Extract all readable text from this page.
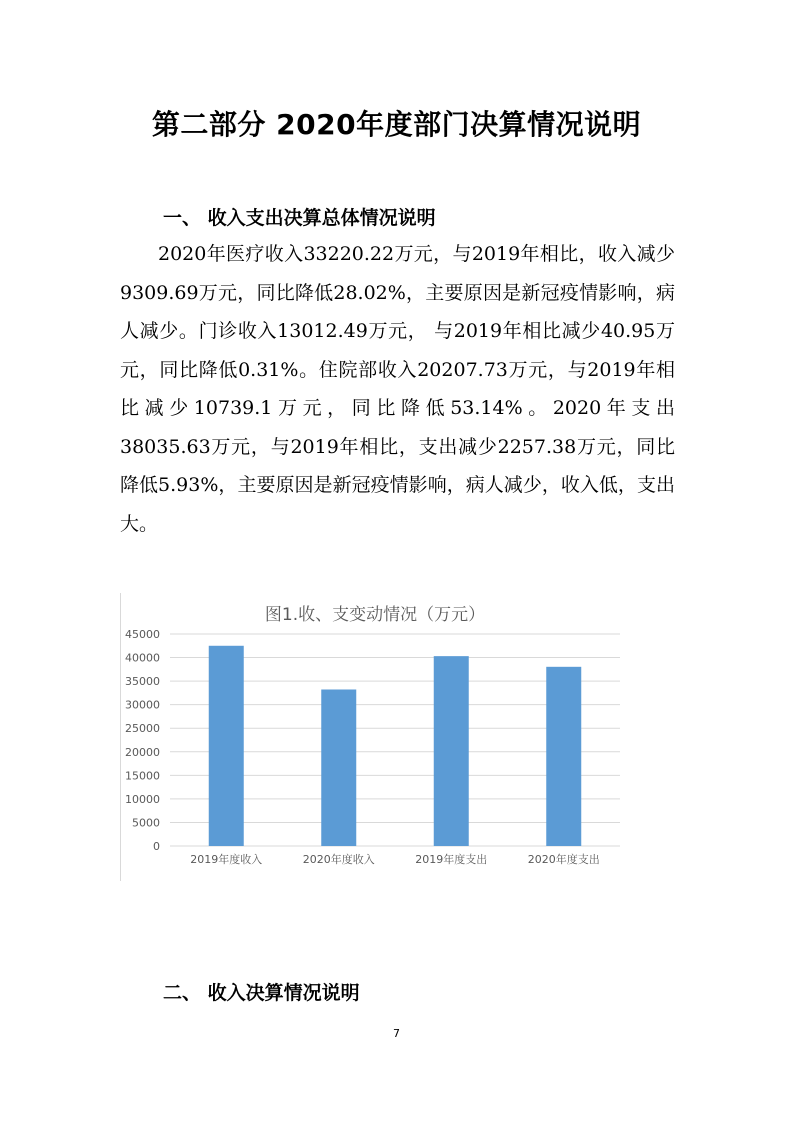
第二部分 2020年度部门决算情况说明
一、 收入支出决算总体情况说明

2020年医疗收入33220.22万元，与2019年相比，收入减少9309.69万元，同比降低28.02%，主要原因是新冠疫情影响，病人减少。门诊收入13012.49万元， 与2019年相比减少40.95万元，同比降低0.31%。住院部收入20207.73万元，与2019年相比减少10739.1万元，同比降低53.14%。2020年支出38035.63万元，与2019年相比，支出减少2257.38万元，同比降低5.93%，主要原因是新冠疫情影响，病人减少，收入低，支出大。

图1.收、支变动情况（万元）
0
5000
10000
15000
20000
25000
30000
35000
40000
45000
2019年度收入	2020年度收入	2019年度支出	2020年度支出
二、 收入决算情况说明
7
